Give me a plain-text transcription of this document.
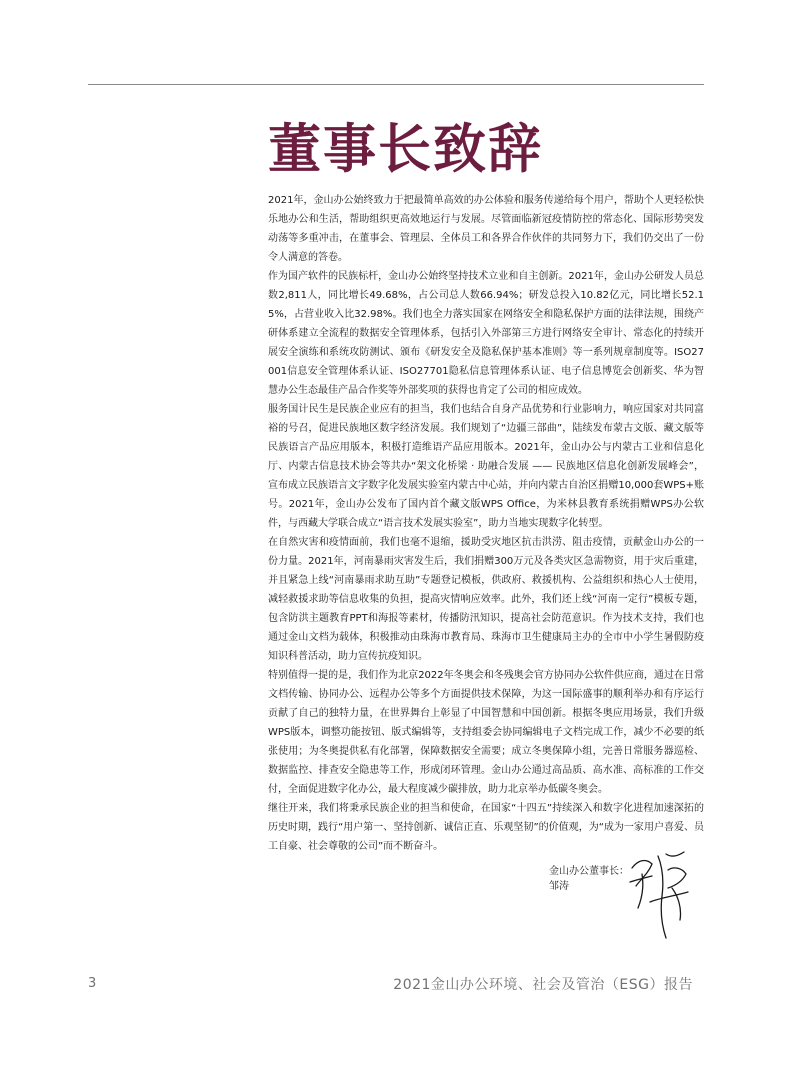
董事长致辞

2021年，金山办公始终致力于把最简单高效的办公体验和服务传递给每个用户，帮助个人更轻松快乐地办公和生活，帮助组织更高效地运行与发展。尽管面临新冠疫情防控的常态化、国际形势突发动荡等多重冲击，在董事会、管理层、全体员工和各界合作伙伴的共同努力下，我们仍交出了一份令人满意的答卷。

作为国产软件的民族标杆，金山办公始终坚持技术立业和自主创新。2021年，金山办公研发人员总数2,811人，同比增长49.68%，占公司总人数66.94%；研发总投入10.82亿元，同比增长52.15%，占营业收入比32.98%。我们也全力落实国家在网络安全和隐私保护方面的法律法规，围绕产研体系建立全流程的数据安全管理体系，包括引入外部第三方进行网络安全审计、常态化的持续开展安全演练和系统攻防测试、颁布《研发安全及隐私保护基本准则》等一系列规章制度等。ISO27001信息安全管理体系认证、ISO27701隐私信息管理体系认证、电子信息博览会创新奖、华为智慧办公生态最佳产品合作奖等外部奖项的获得也肯定了公司的相应成效。

服务国计民生是民族企业应有的担当，我们也结合自身产品优势和行业影响力，响应国家对共同富裕的号召，促进民族地区数字经济发展。我们规划了“边疆三部曲”，陆续发布蒙古文版、藏文版等民族语言产品应用版本，积极打造维语产品应用版本。2021年，金山办公与内蒙古工业和信息化厅、内蒙古信息技术协会等共办“架文化桥梁 · 助融合发展 —— 民族地区信息化创新发展峰会”，宣布成立民族语言文字数字化发展实验室内蒙古中心站，并向内蒙古自治区捐赠10,000套WPS+账号。2021年，金山办公发布了国内首个藏文版WPS Office，为米林县教育系统捐赠WPS办公软件，与西藏大学联合成立“语言技术发展实验室”，助力当地实现数字化转型。

在自然灾害和疫情面前，我们也毫不退缩，援助受灾地区抗击洪涝、阻击疫情，贡献金山办公的一份力量。2021年，河南暴雨灾害发生后，我们捐赠300万元及各类灾区急需物资，用于灾后重建，并且紧急上线“河南暴雨求助互助”专题登记模板，供政府、救援机构、公益组织和热心人士使用，减轻救援求助等信息收集的负担，提高灾情响应效率。此外，我们还上线“河南一定行”模板专题，包含防洪主题教育PPT和海报等素材，传播防汛知识，提高社会防范意识。作为技术支持，我们也通过金山文档为载体，积极推动由珠海市教育局、珠海市卫生健康局主办的全市中小学生暑假防疫知识科普活动，助力宣传抗疫知识。

特别值得一提的是，我们作为北京2022年冬奥会和冬残奥会官方协同办公软件供应商，通过在日常文档传输、协同办公、远程办公等多个方面提供技术保障，为这一国际盛事的顺利举办和有序运行贡献了自己的独特力量，在世界舞台上彰显了中国智慧和中国创新。根据冬奥应用场景，我们升级WPS版本，调整功能按钮、版式编辑等，支持组委会协同编辑电子文档完成工作，减少不必要的纸张使用；为冬奥提供私有化部署，保障数据安全需要；成立冬奥保障小组，完善日常服务器巡检、数据监控、排查安全隐患等工作，形成闭环管理。金山办公通过高品质、高水准、高标准的工作交付，全面促进数字化办公，最大程度减少碳排放，助力北京举办低碳冬奥会。

继往开来，我们将秉承民族企业的担当和使命，在国家“十四五”持续深入和数字化进程加速深拓的历史时期，践行“用户第一、坚持创新、诚信正直、乐观坚韧”的价值观，为“成为一家用户喜爱、员工自豪、社会尊敬的公司”而不断奋斗。

金山办公董事长：
邹涛
3	2021金山办公环境、社会及管治（ESG）报告
